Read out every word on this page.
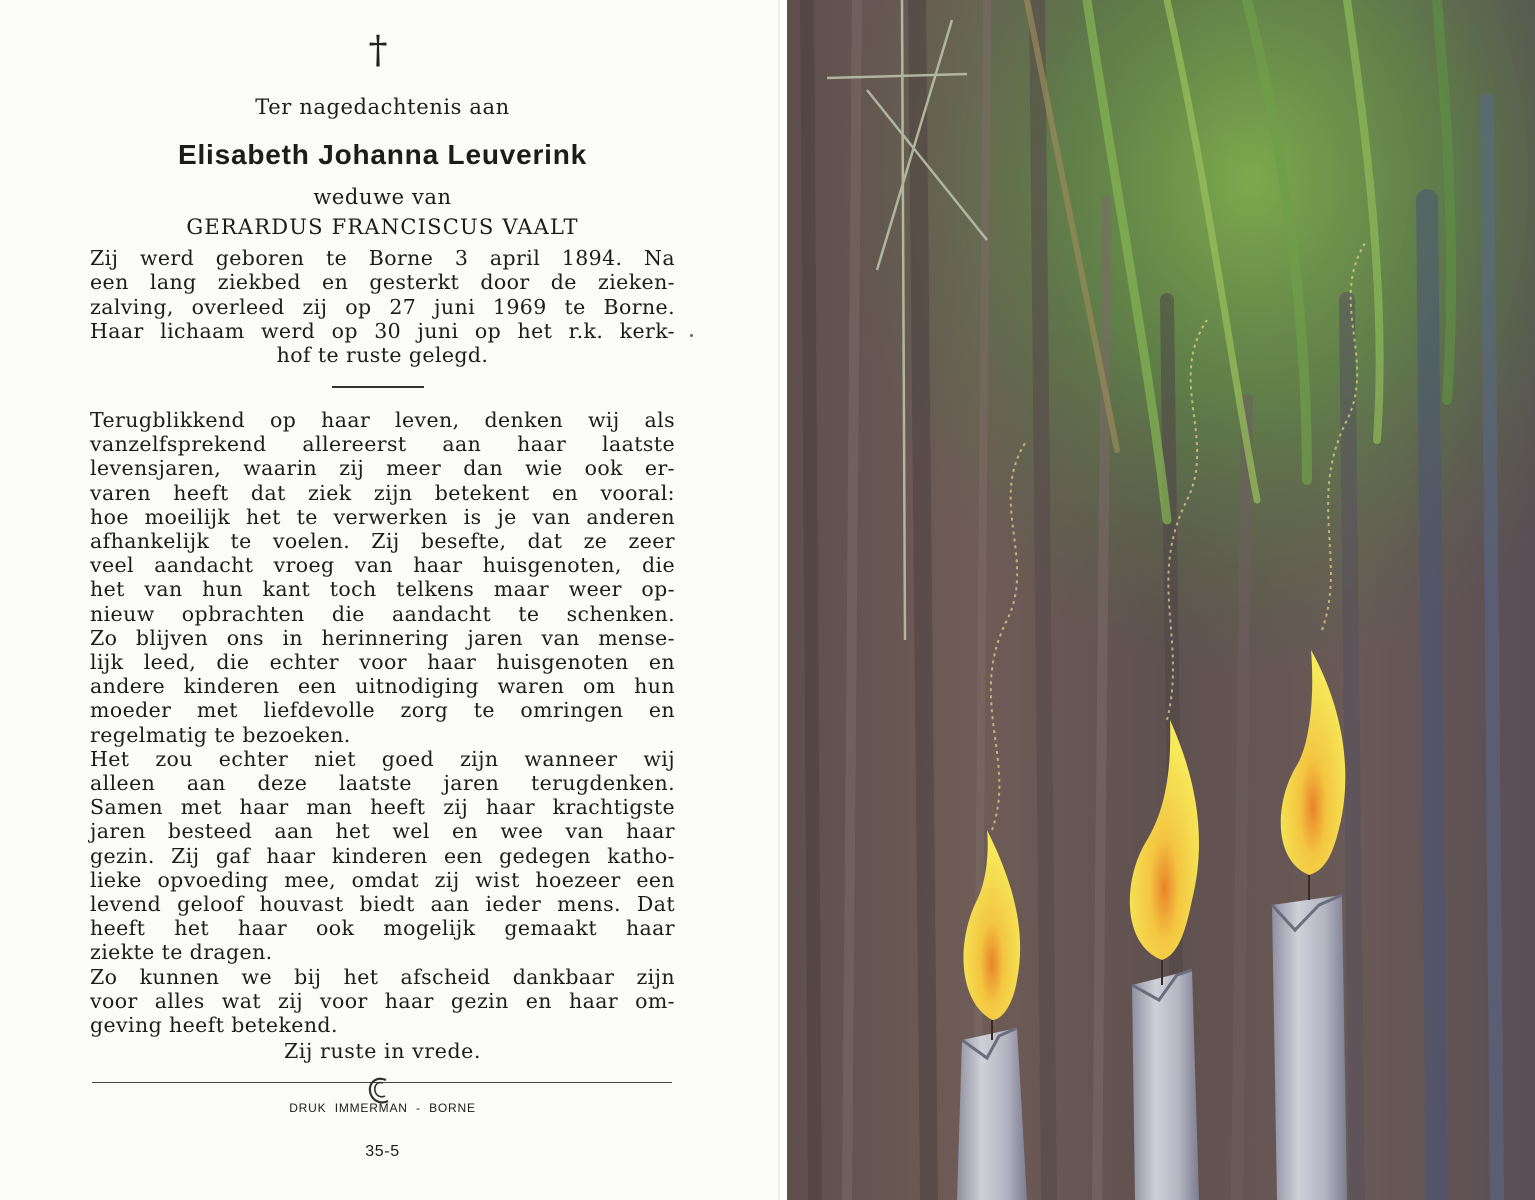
†
Ter nagedachtenis aan
Elisabeth Johanna Leuverink
weduwe van
GERARDUS FRANCISCUS VAALT
Zij werd geboren te Borne 3 april 1894. Na
een lang ziekbed en gesterkt door de zieken-
zalving, overleed zij op 27 juni 1969 te Borne.
Haar lichaam werd op 30 juni op het r.k. kerk-
hof te ruste gelegd.
Terugblikkend op haar leven, denken wij als
vanzelfsprekend allereerst aan haar laatste
levensjaren, waarin zij meer dan wie ook er-
varen heeft dat ziek zijn betekent en vooral:
hoe moeilijk het te verwerken is je van anderen
afhankelijk te voelen. Zij besefte, dat ze zeer
veel aandacht vroeg van haar huisgenoten, die
het van hun kant toch telkens maar weer op-
nieuw opbrachten die aandacht te schenken.
Zo blijven ons in herinnering jaren van mense-
lijk leed, die echter voor haar huisgenoten en
andere kinderen een uitnodiging waren om hun
moeder met liefdevolle zorg te omringen en
regelmatig te bezoeken.
Het zou echter niet goed zijn wanneer wij
alleen aan deze laatste jaren terugdenken.
Samen met haar man heeft zij haar krachtigste
jaren besteed aan het wel en wee van haar
gezin. Zij gaf haar kinderen een gedegen katho-
lieke opvoeding mee, omdat zij wist hoezeer een
levend geloof houvast biedt aan ieder mens. Dat
heeft het haar ook mogelijk gemaakt haar
ziekte te dragen.
Zo kunnen we bij het afscheid dankbaar zijn
voor alles wat zij voor haar gezin en haar om-
geving heeft betekend.
Zij ruste in vrede.
DRUK  IMMERMAN  -  BORNE
35-5
